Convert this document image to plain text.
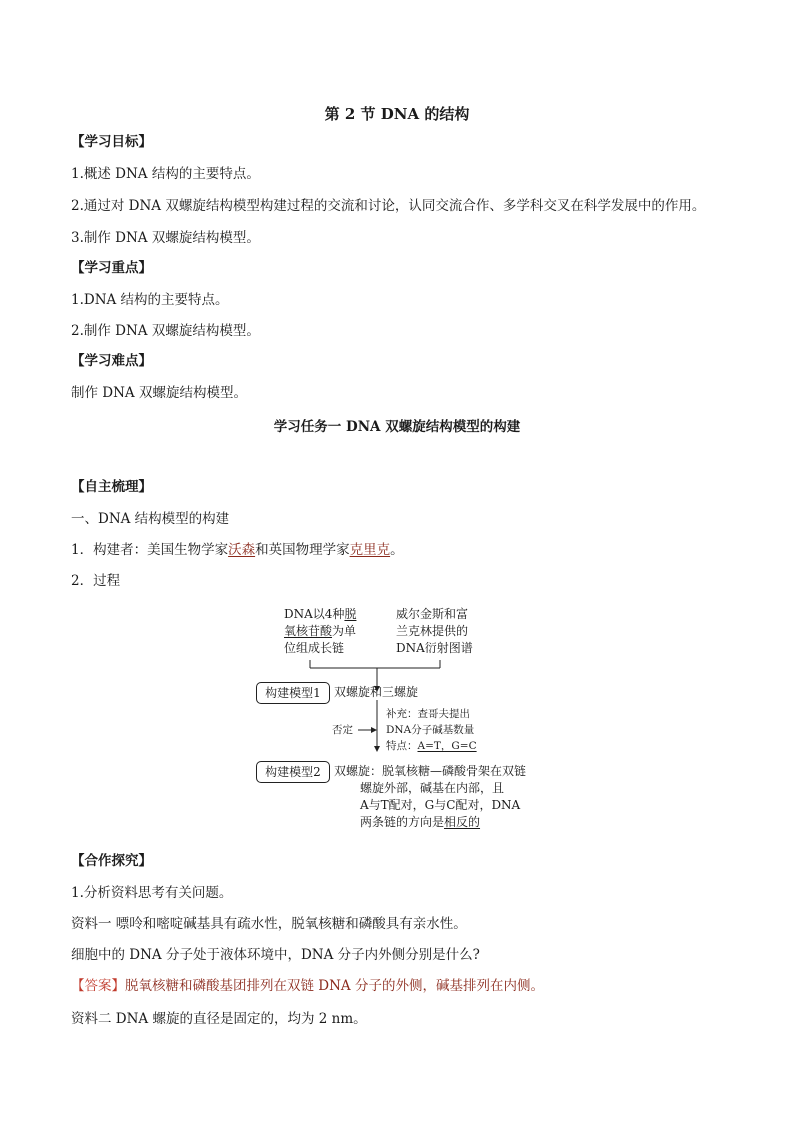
第 2 节 DNA 的结构
【学习目标】
1.概述 DNA 结构的主要特点。
2.通过对 DNA 双螺旋结构模型构建过程的交流和讨论，认同交流合作、多学科交叉在科学发展中的作用。
3.制作 DNA 双螺旋结构模型。
【学习重点】
1.DNA 结构的主要特点。
2.制作 DNA 双螺旋结构模型。
【学习难点】
制作 DNA 双螺旋结构模型。
学习任务一 DNA 双螺旋结构模型的构建
【自主梳理】
一、DNA 结构模型的构建
1．构建者：美国生物学家沃森和英国物理学家克里克。
2．过程
DNA以4种脱
氧核苷酸为单
位组成长链
威尔金斯和富
兰克林提供的
DNA衍射图谱
构建模型1	双螺旋和三螺旋
否定
补充：查哥夫提出
DNA分子碱基数量
特点：A=T，G=C
构建模型2	双螺旋：脱氧核糖—磷酸骨架在双链
螺旋外部，碱基在内部，且
A与T配对，G与C配对，DNA
两条链的方向是相反的
【合作探究】
1.分析资料思考有关问题。
资料一 嘌呤和嘧啶碱基具有疏水性，脱氧核糖和磷酸具有亲水性。
细胞中的 DNA 分子处于液体环境中，DNA 分子内外侧分别是什么?
【答案】脱氧核糖和磷酸基团排列在双链 DNA 分子的外侧，碱基排列在内侧。
资料二 DNA 螺旋的直径是固定的，均为 2 nm。
